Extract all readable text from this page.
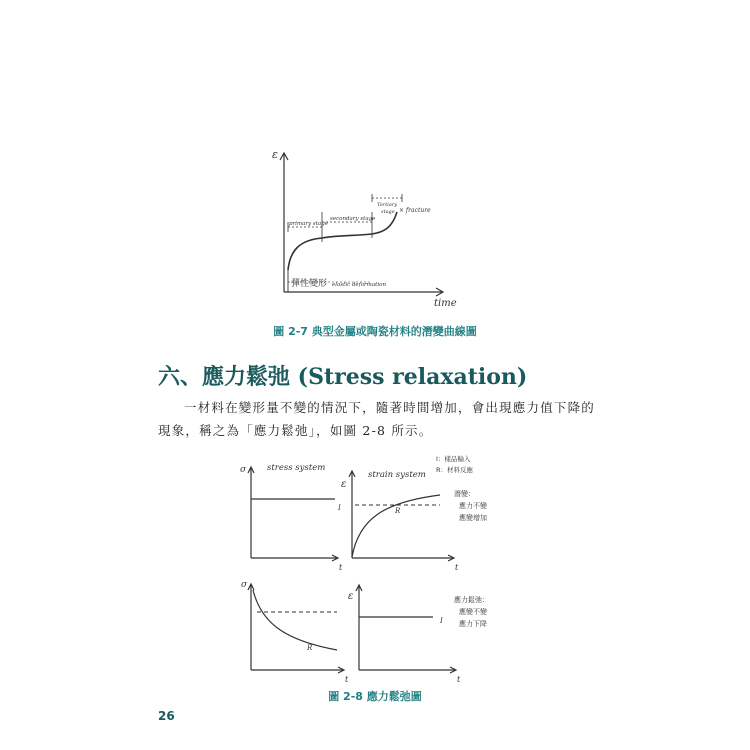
ε
time
primary stage
secondary stage
Tertiary
stage × fracture
彈性變形 elastic deformation
圖 2-7 典型金屬或陶瓷材料的潛變曲線圖
六、應力鬆弛 (Stress relaxation)
一材料在變形量不變的情況下，隨著時間增加，會出現應力值下降的
現象，稱之為「應力鬆弛」，如圖 2-8 所示。
σ stress system
I
t
ε
strain system
R
t
I：樣品輸入
R：材料反應
潛變：
應力不變
應變增加
σ
R
t
ε
I
t
應力鬆弛：
應變不變
應力下降
圖 2-8 應力鬆弛圖
26
